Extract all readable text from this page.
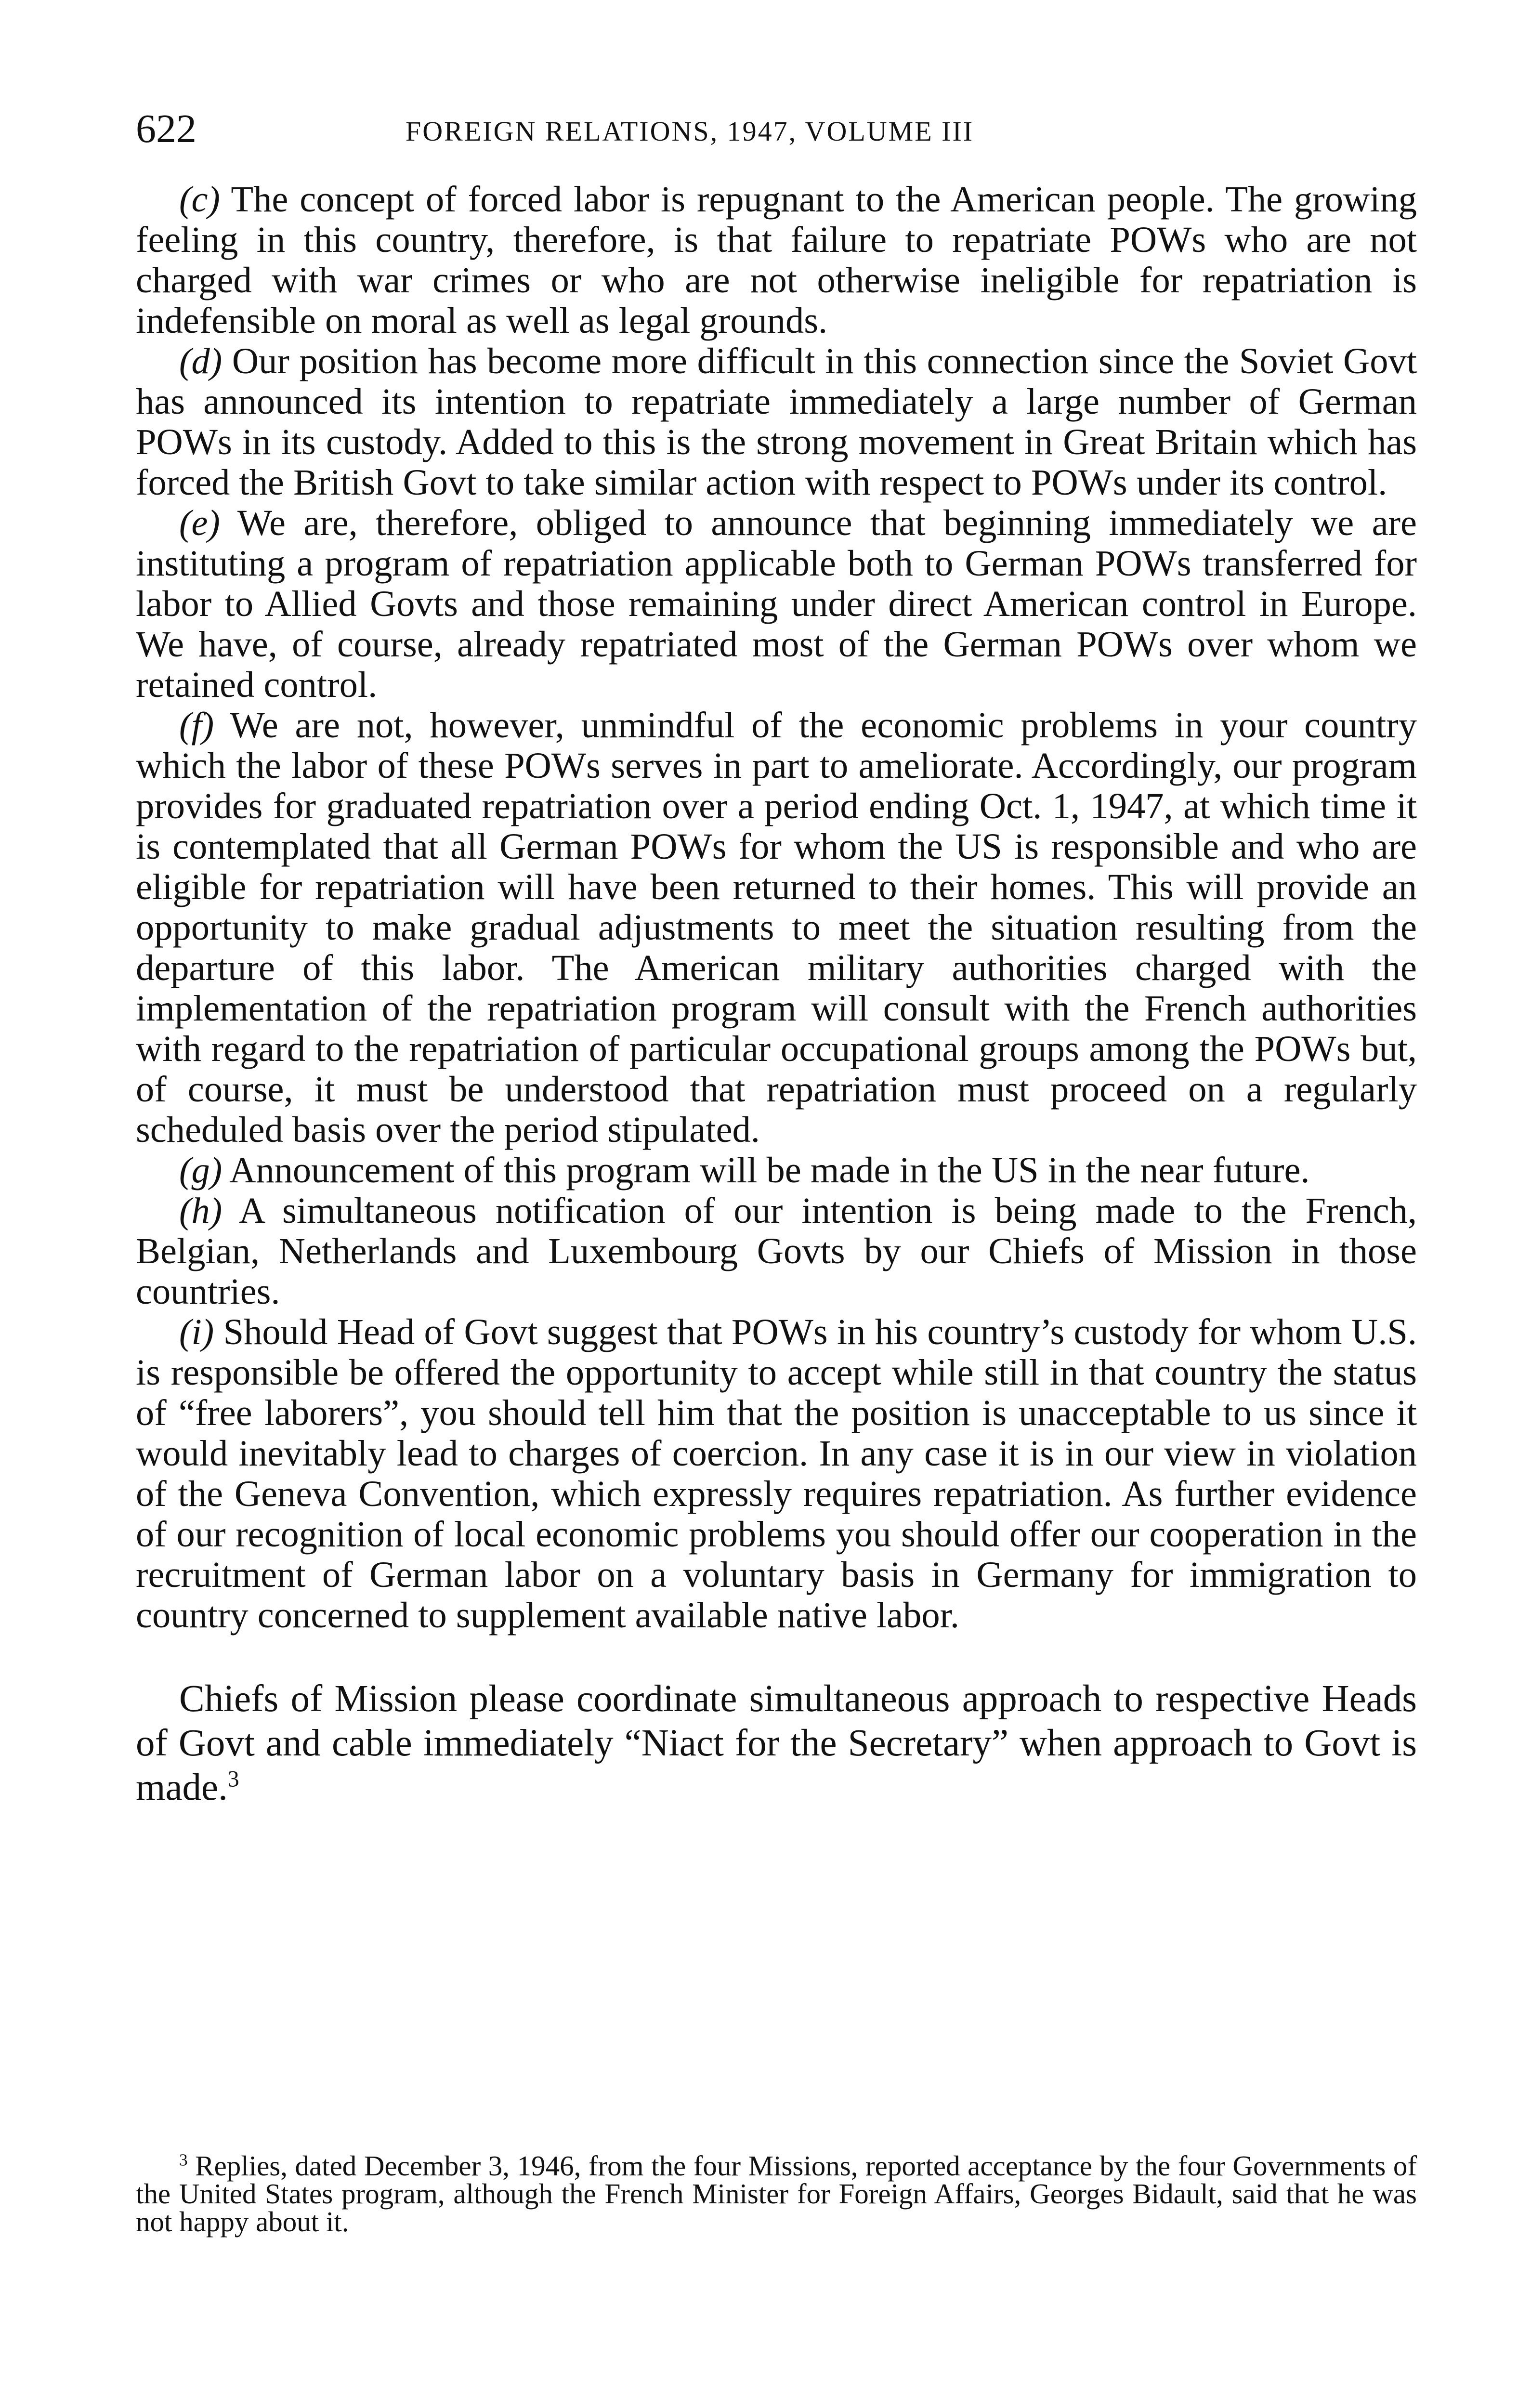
622	FOREIGN RELATIONS, 1947, VOLUME III

(c) The concept of forced labor is repugnant to the American people. The growing feeling in this country, therefore, is that failure to repatriate POWs who are not charged with war crimes or who are not otherwise ineligible for repatriation is indefensible on moral as well as legal grounds.

(d) Our position has become more difficult in this connection since the Soviet Govt has announced its intention to repatriate immediately a large number of German POWs in its custody. Added to this is the strong movement in Great Britain which has forced the British Govt to take similar action with respect to POWs under its control.

(e) We are, therefore, obliged to announce that beginning immediately we are instituting a program of repatriation applicable both to German POWs transferred for labor to Allied Govts and those remaining under direct American control in Europe. We have, of course, already repatriated most of the German POWs over whom we retained control.

(f) We are not, however, unmindful of the economic problems in your country which the labor of these POWs serves in part to ameliorate. Accordingly, our program provides for graduated repatriation over a period ending Oct. 1, 1947, at which time it is contemplated that all German POWs for whom the US is responsible and who are eligible for repatriation will have been returned to their homes. This will provide an opportunity to make gradual adjustments to meet the situation resulting from the departure of this labor. The American military authorities charged with the implementation of the repatriation program will consult with the French authorities with regard to the repatriation of particular occupational groups among the POWs but, of course, it must be understood that repatriation must proceed on a regularly scheduled basis over the period stipulated.

(g) Announcement of this program will be made in the US in the near future.

(h) A simultaneous notification of our intention is being made to the French, Belgian, Netherlands and Luxembourg Govts by our Chiefs of Mission in those countries.

(i) Should Head of Govt suggest that POWs in his country’s custody for whom U.S. is responsible be offered the opportunity to accept while still in that country the status of “free laborers”, you should tell him that the position is unacceptable to us since it would inevitably lead to charges of coercion. In any case it is in our view in violation of the Geneva Convention, which expressly requires repatriation. As further evidence of our recognition of local economic problems you should offer our cooperation in the recruitment of German labor on a voluntary basis in Germany for immigration to country concerned to supplement available native labor.

Chiefs of Mission please coordinate simultaneous approach to respective Heads of Govt and cable immediately “Niact for the Secretary” when approach to Govt is made.$^3$

$^3$ Replies, dated December 3, 1946, from the four Missions, reported acceptance by the four Governments of the United States program, although the French Minister for Foreign Affairs, Georges Bidault, said that he was not happy about it.
